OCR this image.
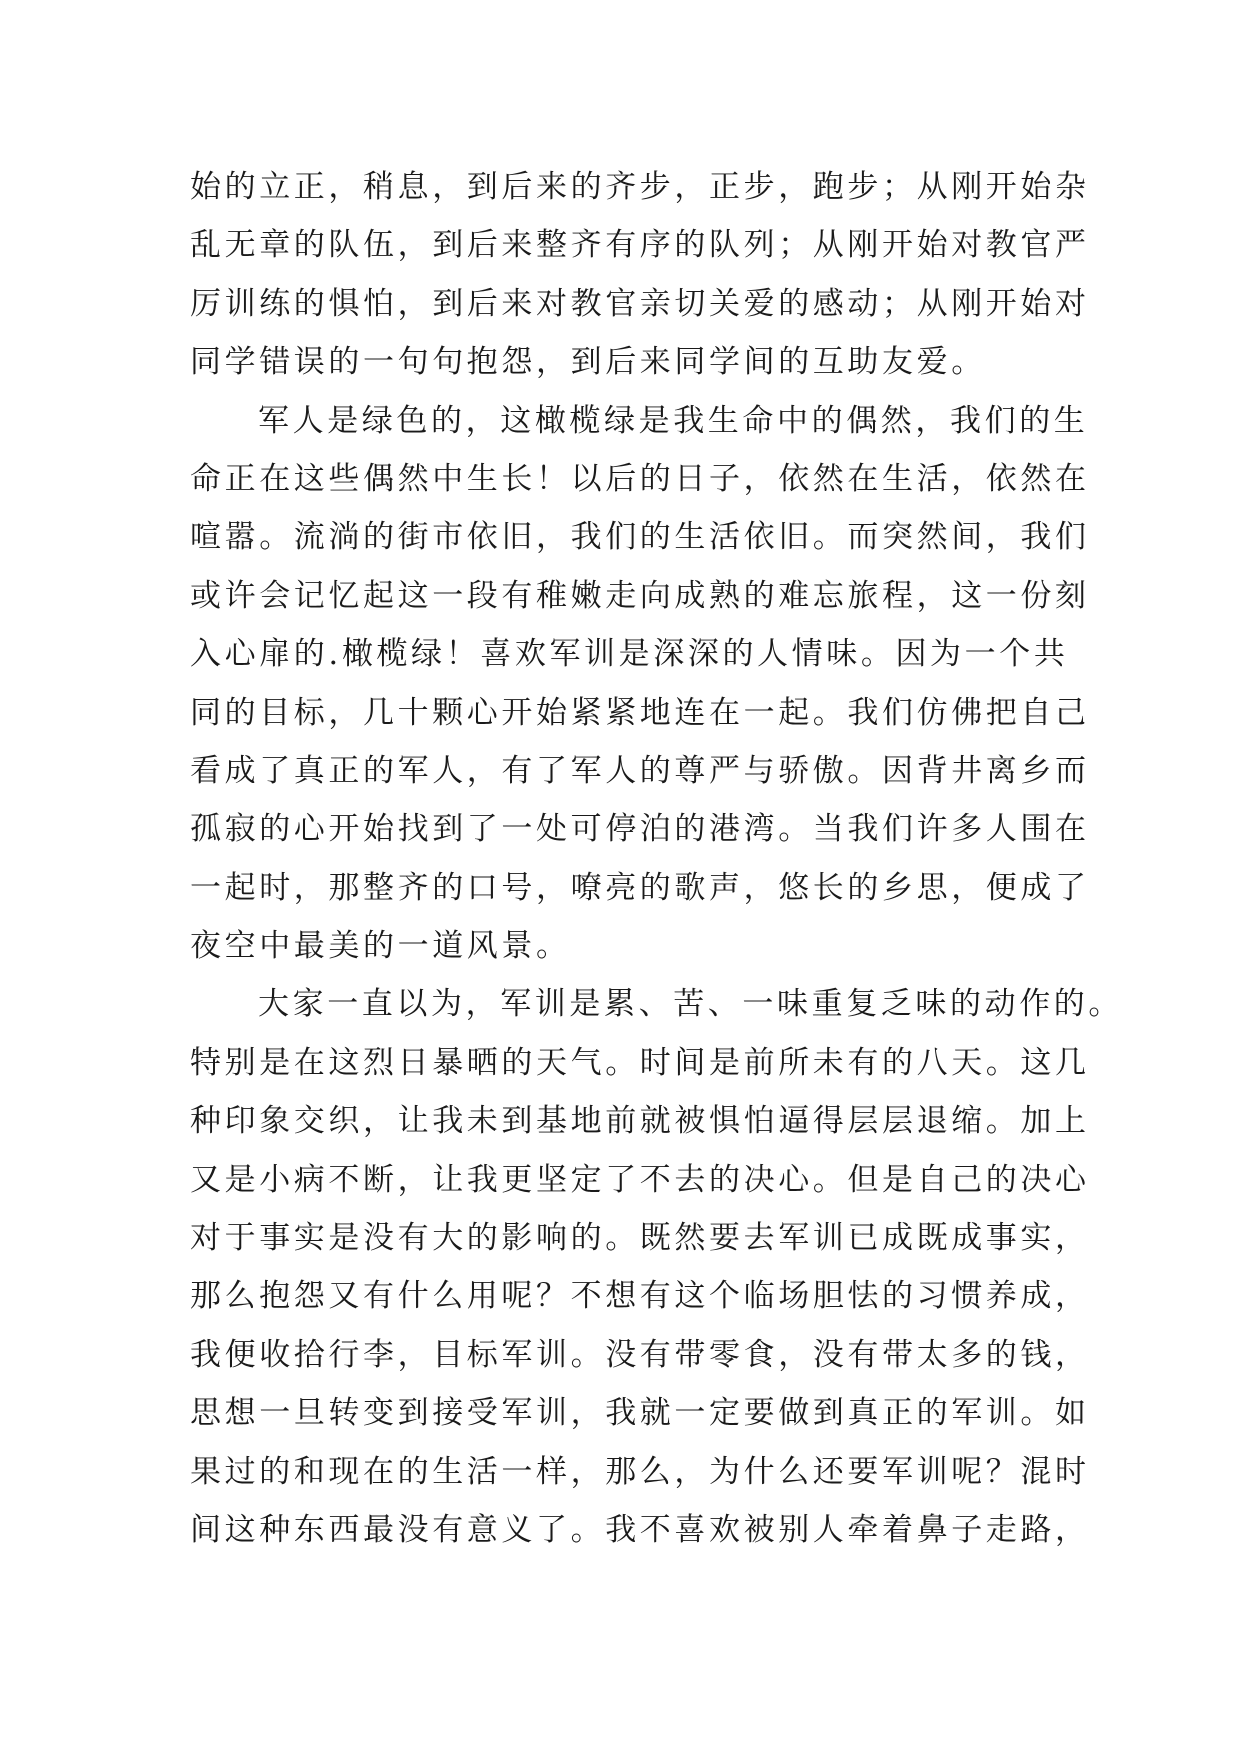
始的立正，稍息，到后来的齐步，正步，跑步；从刚开始杂
乱无章的队伍，到后来整齐有序的队列；从刚开始对教官严
厉训练的惧怕，到后来对教官亲切关爱的感动；从刚开始对
同学错误的一句句抱怨，到后来同学间的互助友爱。
军人是绿色的，这橄榄绿是我生命中的偶然，我们的生
命正在这些偶然中生长！以后的日子，依然在生活，依然在
喧嚣。流淌的街市依旧，我们的生活依旧。而突然间，我们
或许会记忆起这一段有稚嫩走向成熟的难忘旅程，这一份刻
入心扉的.橄榄绿！喜欢军训是深深的人情味。因为一个共
同的目标，几十颗心开始紧紧地连在一起。我们仿佛把自己
看成了真正的军人，有了军人的尊严与骄傲。因背井离乡而
孤寂的心开始找到了一处可停泊的港湾。当我们许多人围在
一起时，那整齐的口号，嘹亮的歌声，悠长的乡思，便成了
夜空中最美的一道风景。
大家一直以为，军训是累、苦、一味重复乏味的动作的。
特别是在这烈日暴晒的天气。时间是前所未有的八天。这几
种印象交织，让我未到基地前就被惧怕逼得层层退缩。加上
又是小病不断，让我更坚定了不去的决心。但是自己的决心
对于事实是没有大的影响的。既然要去军训已成既成事实，
那么抱怨又有什么用呢？不想有这个临场胆怯的习惯养成，
我便收拾行李，目标军训。没有带零食，没有带太多的钱，
思想一旦转变到接受军训，我就一定要做到真正的军训。如
果过的和现在的生活一样，那么，为什么还要军训呢？混时
间这种东西最没有意义了。我不喜欢被别人牵着鼻子走路，
